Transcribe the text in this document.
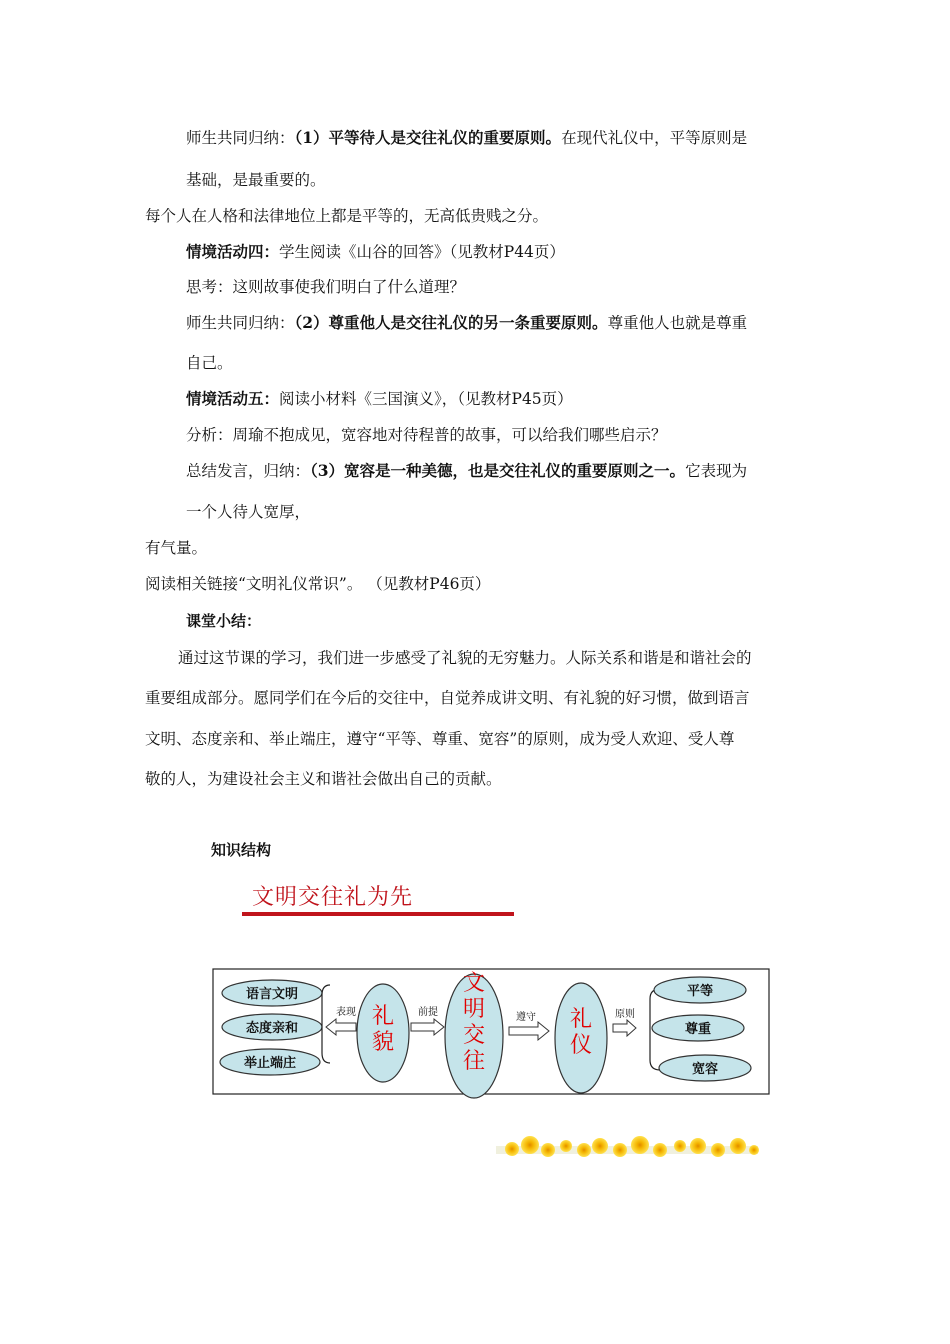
师生共同归纳：（1）平等待人是交往礼仪的重要原则。在现代礼仪中，平等原则是
基础，是最重要的。
每个人在人格和法律地位上都是平等的，无高低贵贱之分。
情境活动四：学生阅读《山谷的回答》（见教材P44页）
思考：这则故事使我们明白了什么道理？
师生共同归纳：（2）尊重他人是交往礼仪的另一条重要原则。尊重他人也就是尊重
自己。
情境活动五：阅读小材料《三国演义》，（见教材P45页）
分析：周瑜不抱成见，宽容地对待程普的故事，可以给我们哪些启示？
总结发言，归纳：（3）宽容是一种美德，也是交往礼仪的重要原则之一。它表现为
一个人待人宽厚，
有气量。
阅读相关链接“文明礼仪常识”。 （见教材P46页）
课堂小结：
通过这节课的学习，我们进一步感受了礼貌的无穷魅力。人际关系和谐是和谐社会的
重要组成部分。愿同学们在今后的交往中，自觉养成讲文明、有礼貌的好习惯，做到语言
文明、态度亲和、举止端庄，遵守“平等、尊重、宽容”的原则，成为受人欢迎、受人尊
敬的人，为建设社会主义和谐社会做出自己的贡献。
知识结构
文明交往礼为先
语言文明
态度亲和
举止端庄
表现 礼貌
前提
文明交往
遵守 礼仪
原则
平等
尊重
宽容
